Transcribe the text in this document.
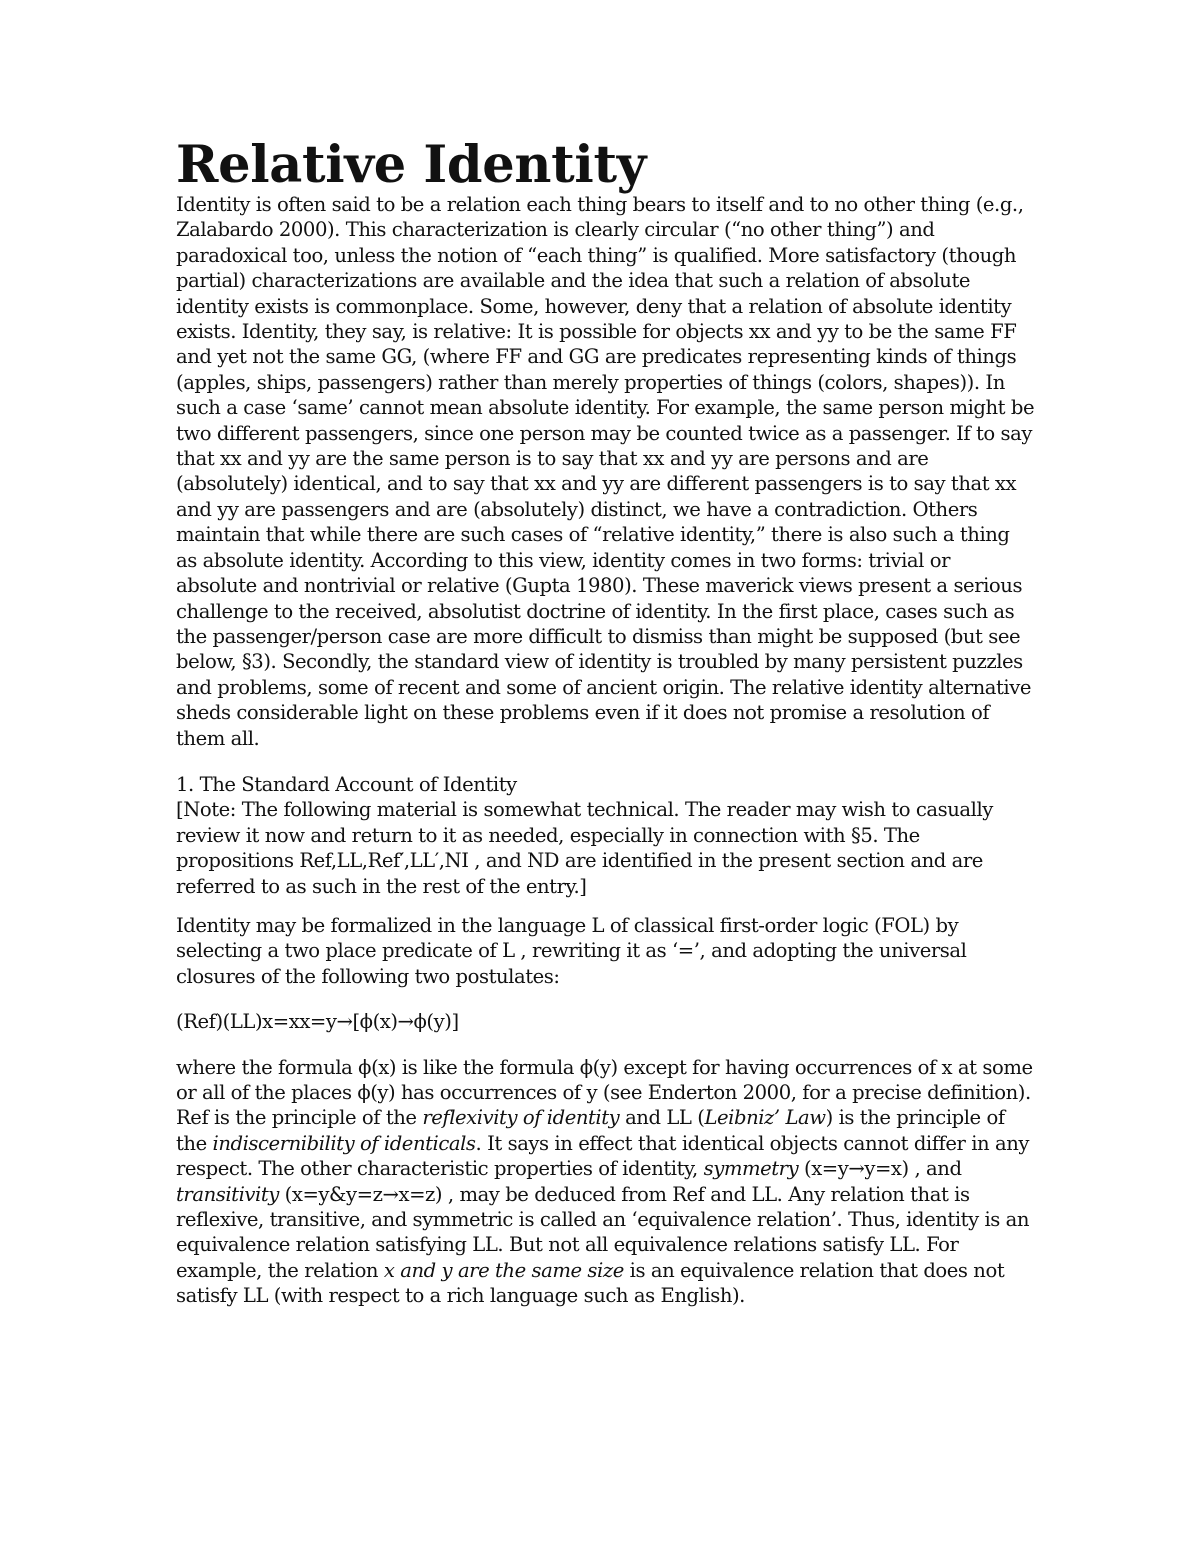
Relative Identity

Identity is often said to be a relation each thing bears to itself and to no other thing (e.g., Zalabardo 2000). This characterization is clearly circular (“no other thing”) and paradoxical too, unless the notion of “each thing” is qualified. More satisfactory (though partial) characterizations are available and the idea that such a relation of absolute identity exists is commonplace. Some, however, deny that a relation of absolute identity exists. Identity, they say, is relative: It is possible for objects xx and yy to be the same FF and yet not the same GG, (where FF and GG are predicates representing kinds of things (apples, ships, passengers) rather than merely properties of things (colors, shapes)). In such a case ‘same’ cannot mean absolute identity. For example, the same person might be two different passengers, since one person may be counted twice as a passenger. If to say that xx and yy are the same person is to say that xx and yy are persons and are (absolutely) identical, and to say that xx and yy are different passengers is to say that xx and yy are passengers and are (absolutely) distinct, we have a contradiction. Others maintain that while there are such cases of “relative identity,” there is also such a thing as absolute identity. According to this view, identity comes in two forms: trivial or absolute and nontrivial or relative (Gupta 1980). These maverick views present a serious challenge to the received, absolutist doctrine of identity. In the first place, cases such as the passenger/person case are more difficult to dismiss than might be supposed (but see below, §3). Secondly, the standard view of identity is troubled by many persistent puzzles and problems, some of recent and some of ancient origin. The relative identity alternative sheds considerable light on these problems even if it does not promise a resolution of them all.

1. The Standard Account of Identity

[Note: The following material is somewhat technical. The reader may wish to casually review it now and return to it as needed, especially in connection with §5. The propositions Ref,LL,Ref′,LL′,NI , and ND are identified in the present section and are referred to as such in the rest of the entry.]

Identity may be formalized in the language L of classical first-order logic (FOL) by selecting a two place predicate of L , rewriting it as ‘=’, and adopting the universal closures of the following two postulates:

(Ref)(LL)x=xx=y→[ϕ(x)→ϕ(y)]

where the formula ϕ(x) is like the formula ϕ(y) except for having occurrences of x at some or all of the places ϕ(y) has occurrences of y (see Enderton 2000, for a precise definition). Ref is the principle of the reflexivity of identity and LL (Leibniz’ Law) is the principle of the indiscernibility of identicals. It says in effect that identical objects cannot differ in any respect. The other characteristic properties of identity, symmetry (x=y→y=x) , and transitivity (x=y&y=z→x=z) , may be deduced from Ref and LL. Any relation that is reflexive, transitive, and symmetric is called an ‘equivalence relation’. Thus, identity is an equivalence relation satisfying LL. But not all equivalence relations satisfy LL. For example, the relation x and y are the same size is an equivalence relation that does not satisfy LL (with respect to a rich language such as English).
